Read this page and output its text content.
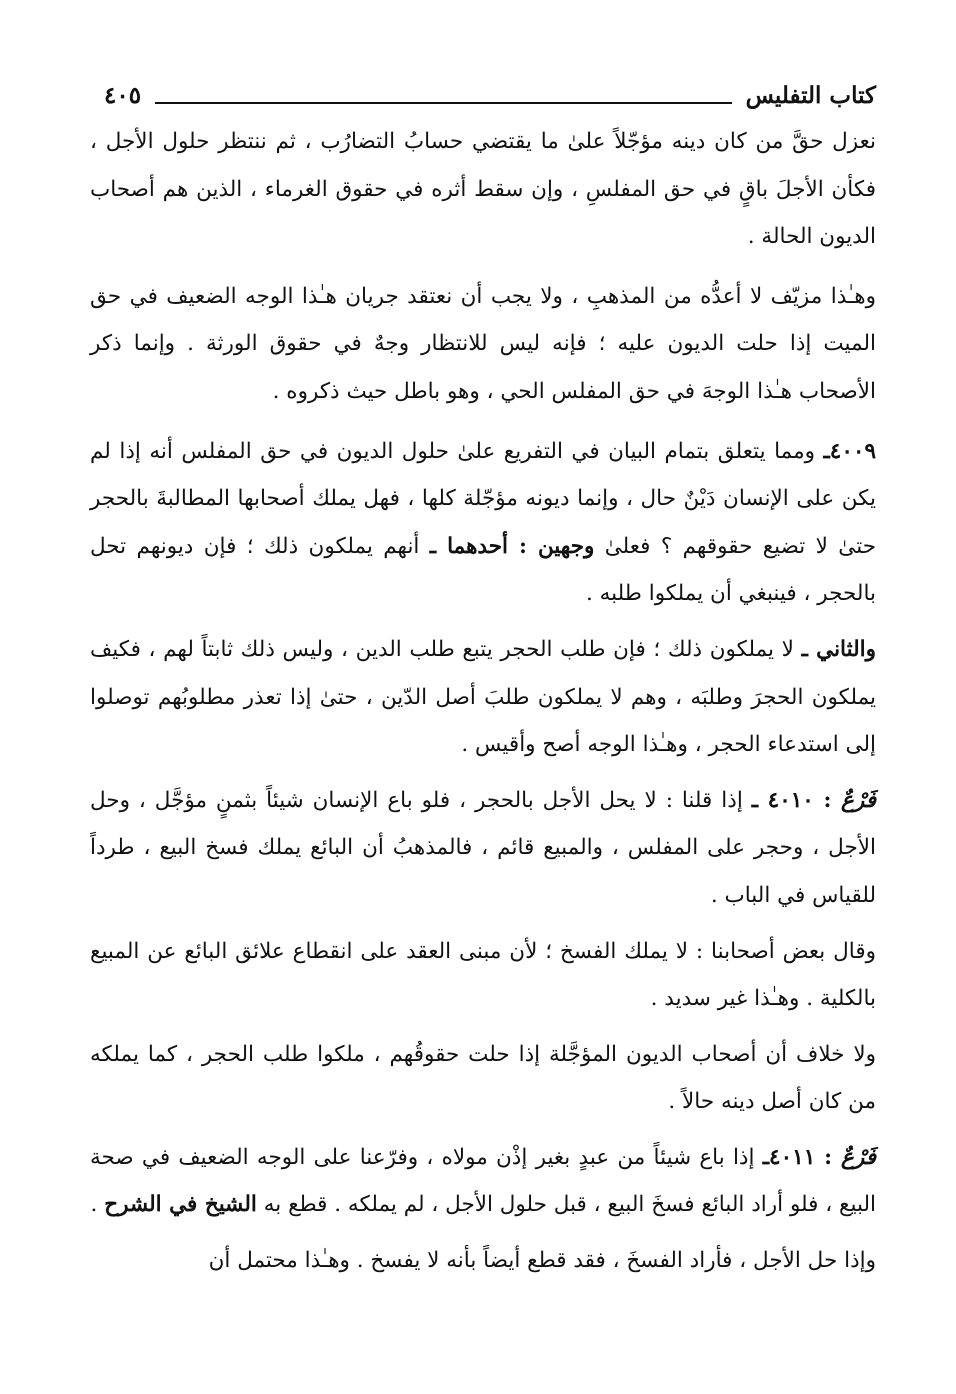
كتاب التفليس
٤٠٥

نعزل حقَّ من كان دينه مؤجّلاً علىٰ ما يقتضي حسابُ التضارُب ، ثم ننتظر حلول الأجل ، فكأن الأجلَ باقٍ في حق المفلسِ ، وإن سقط أثره في حقوق الغرماء ، الذين هم أصحاب الديون الحالة .

وهـٰذا مزيّف لا أعدُّه من المذهبِ ، ولا يجب أن نعتقد جريان هـٰذا الوجه الضعيف في حق الميت إذا حلت الديون عليه ؛ فإنه ليس للانتظار وجهٌ في حقوق الورثة . وإنما ذكر الأصحاب هـٰذا الوجهَ في حق المفلس الحي ، وهو باطل حيث ذكروه .

٤٠٠٩ـ ومما يتعلق بتمام البيان في التفريع علىٰ حلول الديون في حق المفلس أنه إذا لم يكن على الإنسان دَيْنٌ حال ، وإنما ديونه مؤجّلة كلها ، فهل يملك أصحابها المطالبةَ بالحجر حتىٰ لا تضيع حقوقهم ؟ فعلىٰ وجهين : أحدهما ـ أنهم يملكون ذلك ؛ فإن ديونهم تحل بالحجر ، فينبغي أن يملكوا طلبه .

والثاني ـ لا يملكون ذلك ؛ فإن طلب الحجر يتبع طلب الدين ، وليس ذلك ثابتاً لهم ، فكيف يملكون الحجرَ وطلبَه ، وهم لا يملكون طلبَ أصل الدّين ، حتىٰ إذا تعذر مطلوبُهم توصلوا إلى استدعاء الحجر ، وهـٰذا الوجه أصح وأقيس .

فَرْعٌ : ٤٠١٠ ـ إذا قلنا : لا يحل الأجل بالحجر ، فلو باع الإنسان شيئاً بثمنٍ مؤجَّل ، وحل الأجل ، وحجر على المفلس ، والمبيع قائم ، فالمذهبُ أن البائع يملك فسخ البيع ، طرداً للقياس في الباب .

وقال بعض أصحابنا : لا يملك الفسخ ؛ لأن مبنى العقد على انقطاع علائق البائع عن المبيع بالكلية . وهـٰذا غير سديد .

ولا خلاف أن أصحاب الديون المؤجَّلة إذا حلت حقوقُهم ، ملكوا طلب الحجر ، كما يملكه من كان أصل دينه حالاً .

فَرْعٌ : ٤٠١١ـ إذا باع شيئاً من عبدٍ بغير إذْن مولاه ، وفرّعنا على الوجه الضعيف في صحة البيع ، فلو أراد البائع فسخَ البيع ، قبل حلول الأجل ، لم يملكه . قطع به الشيخ في الشرح .

وإذا حل الأجل ، فأراد الفسخَ ، فقد قطع أيضاً بأنه لا يفسخ . وهـٰذا محتمل أن
